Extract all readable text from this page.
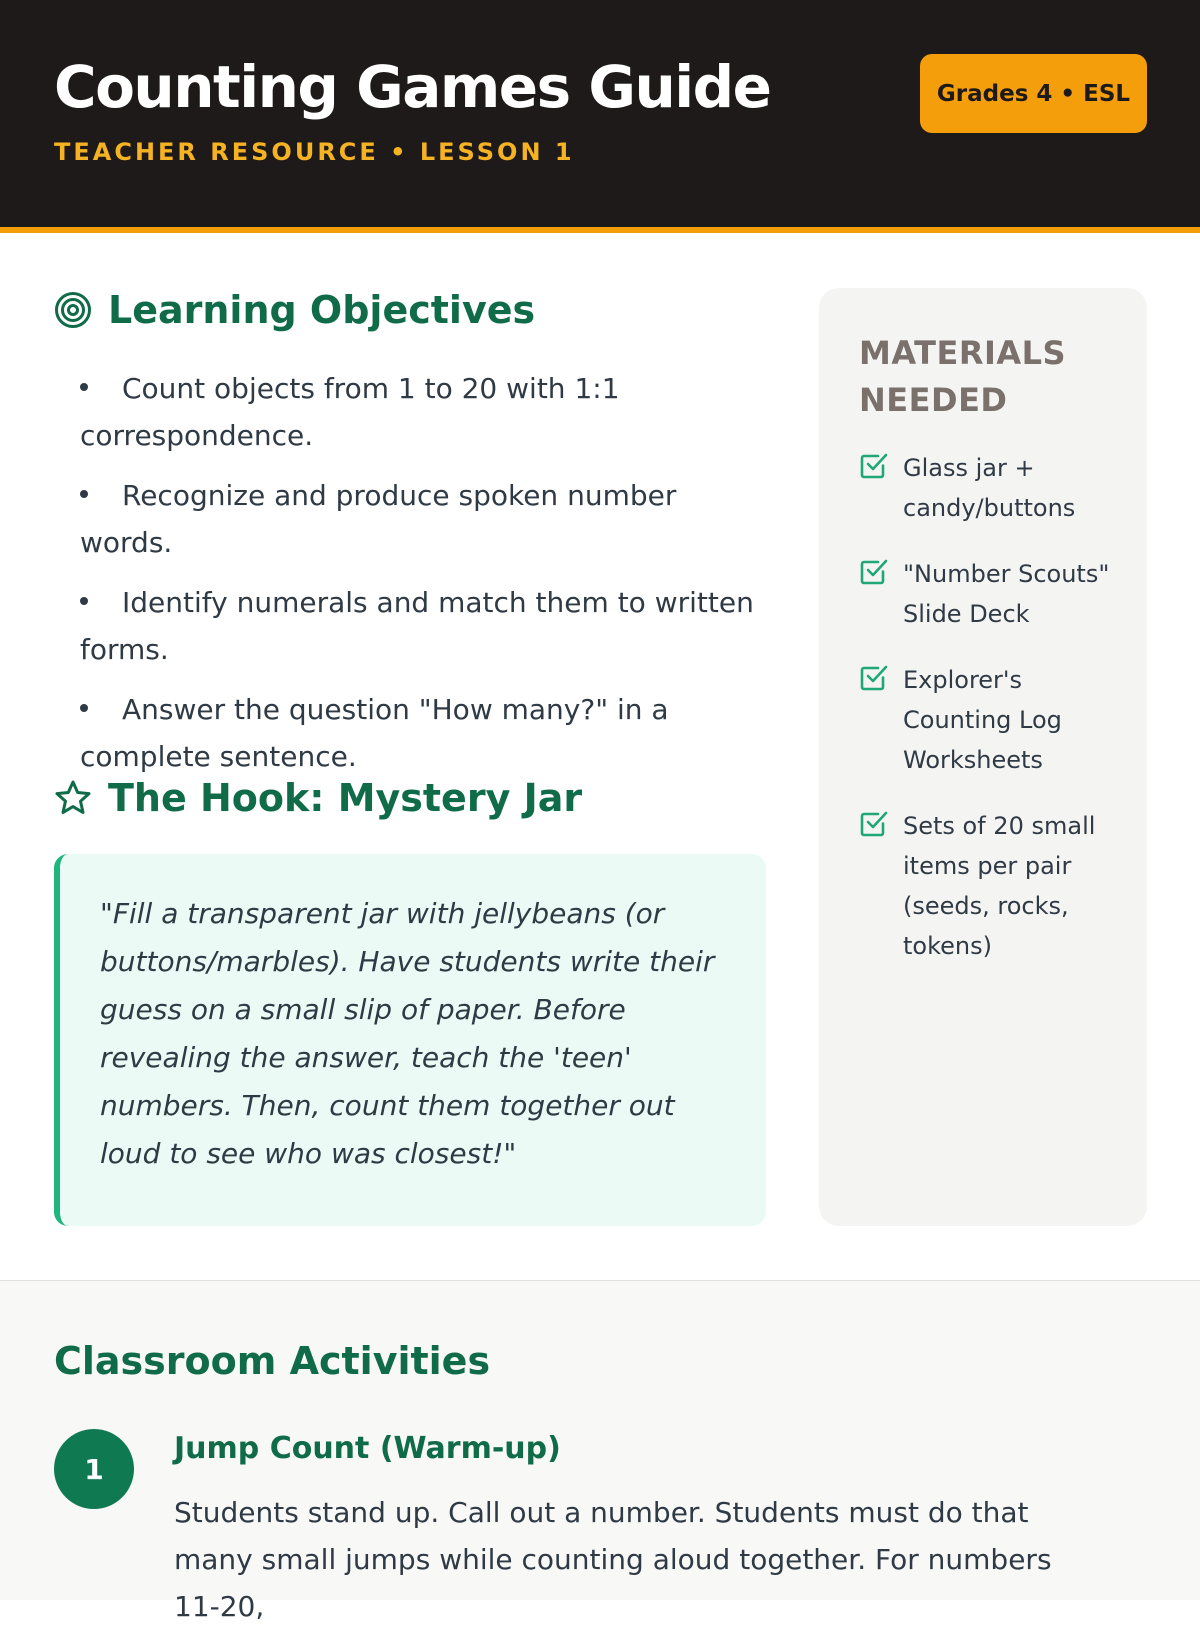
Counting Games Guide
TEACHER RESOURCE • LESSON 1
Grades 4 • ESL
Learning Objectives
Count objects from 1 to 20 with 1:1 correspondence.
Recognize and produce spoken number words.
Identify numerals and match them to written forms.
Answer the question "How many?" in a complete sentence.
The Hook: Mystery Jar

"Fill a transparent jar with jellybeans (or buttons/marbles). Have students write their guess on a small slip of paper. Before revealing the answer, teach the 'teen' numbers. Then, count them together out loud to see who was closest!"

MATERIALS NEEDED
Glass jar + candy/buttons
"Number Scouts" Slide Deck
Explorer's Counting Log Worksheets
Sets of 20 small items per pair (seeds, rocks, tokens)
Classroom Activities
1
Jump Count (Warm-up)

Students stand up. Call out a number. Students must do that many small jumps while counting aloud together. For numbers 11-20,
